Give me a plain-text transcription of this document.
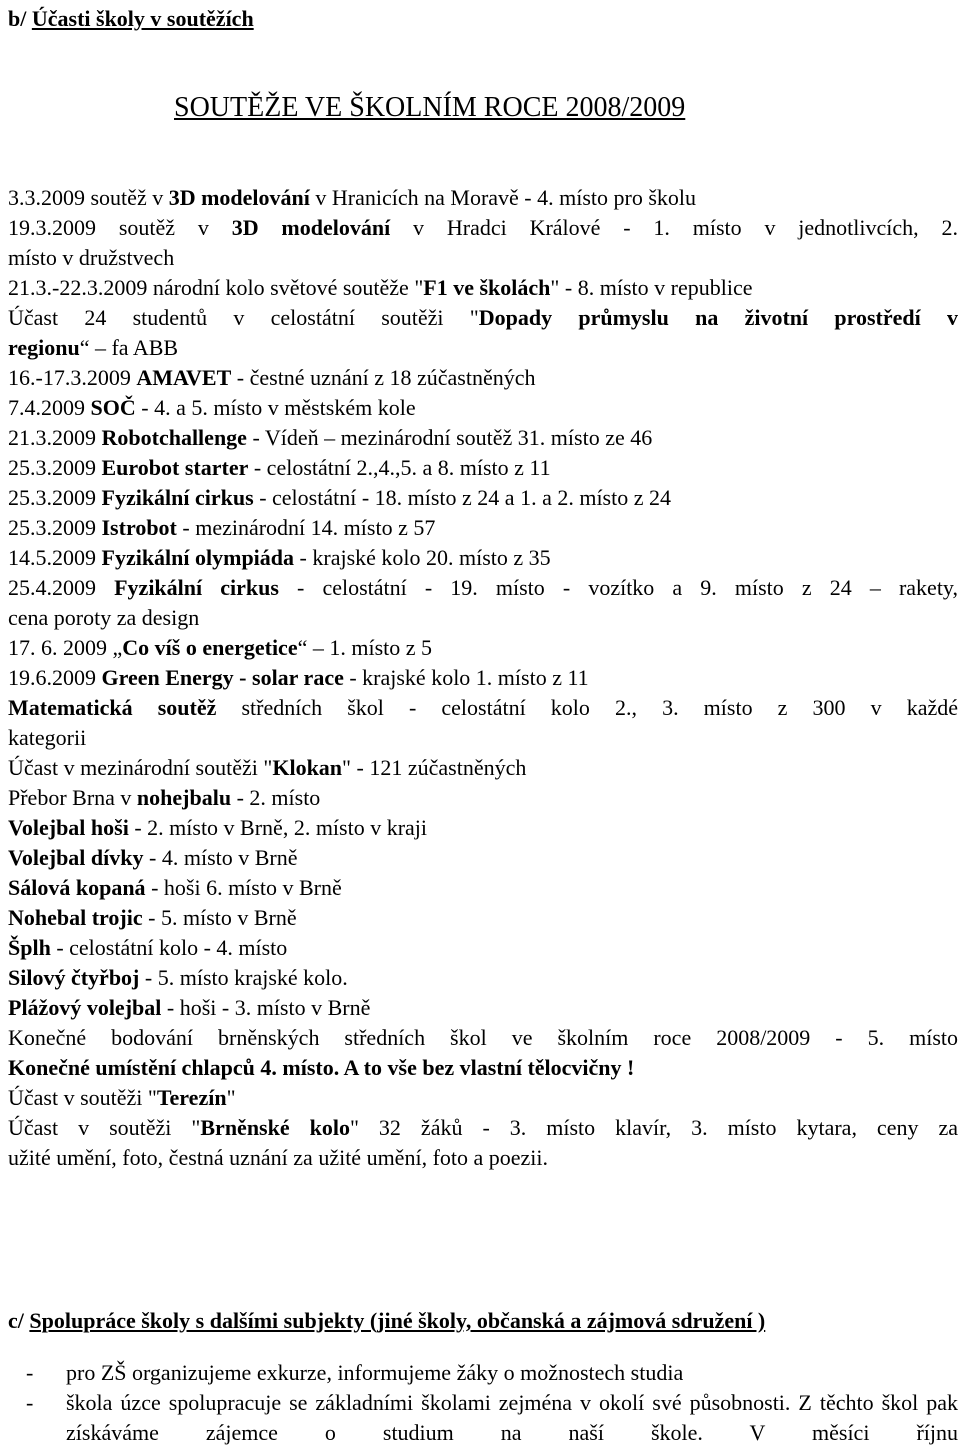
b/ Účasti školy v soutěžích
SOUTĚŽE VE ŠKOLNÍM ROCE 2008/2009
3.3.2009 soutěž v 3D modelování v Hranicích na Moravě - 4. místo pro školu
19.3.2009 soutěž v 3D modelování v Hradci Králové - 1. místo v jednotlivcích, 2.
místo v družstvech
21.3.-22.3.2009 národní kolo světové soutěže "F1 ve školách" - 8. místo v republice
Účast 24 studentů v celostátní soutěži "Dopady průmyslu na životní prostředí v
regionu“ – fa ABB
16.-17.3.2009 AMAVET - čestné uznání z 18 zúčastněných
7.4.2009 SOČ - 4. a 5. místo v městském kole
21.3.2009 Robotchallenge - Vídeň – mezinárodní soutěž 31. místo ze 46
25.3.2009 Eurobot starter - celostátní 2.,4.,5. a 8. místo z 11
25.3.2009 Fyzikální cirkus - celostátní - 18. místo z 24 a 1. a 2. místo z 24
25.3.2009 Istrobot - mezinárodní 14. místo z 57
14.5.2009 Fyzikální olympiáda - krajské kolo 20. místo z 35
25.4.2009 Fyzikální cirkus - celostátní - 19. místo - vozítko a 9. místo z 24 – rakety,
cena poroty za design
17. 6. 2009 „Co víš o energetice“ – 1. místo z 5
19.6.2009 Green Energy - solar race - krajské kolo 1. místo z 11
Matematická soutěž středních škol - celostátní kolo 2., 3. místo z 300 v každé
kategorii
Účast v mezinárodní soutěži "Klokan" - 121 zúčastněných
Přebor Brna v nohejbalu - 2. místo
Volejbal hoši - 2. místo v Brně, 2. místo v kraji
Volejbal dívky - 4. místo v Brně
Sálová kopaná - hoši 6. místo v Brně
Nohebal trojic - 5. místo v Brně
Šplh - celostátní kolo - 4. místo
Silový čtyřboj - 5. místo krajské kolo.
Plážový volejbal - hoši - 3. místo v Brně
Konečné bodování brněnských středních škol ve školním roce 2008/2009 - 5. místo
Konečné umístění chlapců 4. místo. A to vše bez vlastní tělocvičny !
Účast v soutěži "Terezín"
Účast v soutěži "Brněnské kolo" 32 žáků - 3. místo klavír, 3. místo kytara, ceny za
užité umění, foto, čestná uznání za užité umění, foto a poezii.
c/ Spolupráce školy s dalšími subjekty (jiné školy, občanská a zájmová sdružení )
-	pro ZŠ organizujeme exkurze, informujeme žáky o možnostech studia
-	škola úzce spolupracuje se základními školami zejména v okolí své působnosti. Z těchto škol pak získáváme zájemce o studium na naší škole. V měsíci říjnu
